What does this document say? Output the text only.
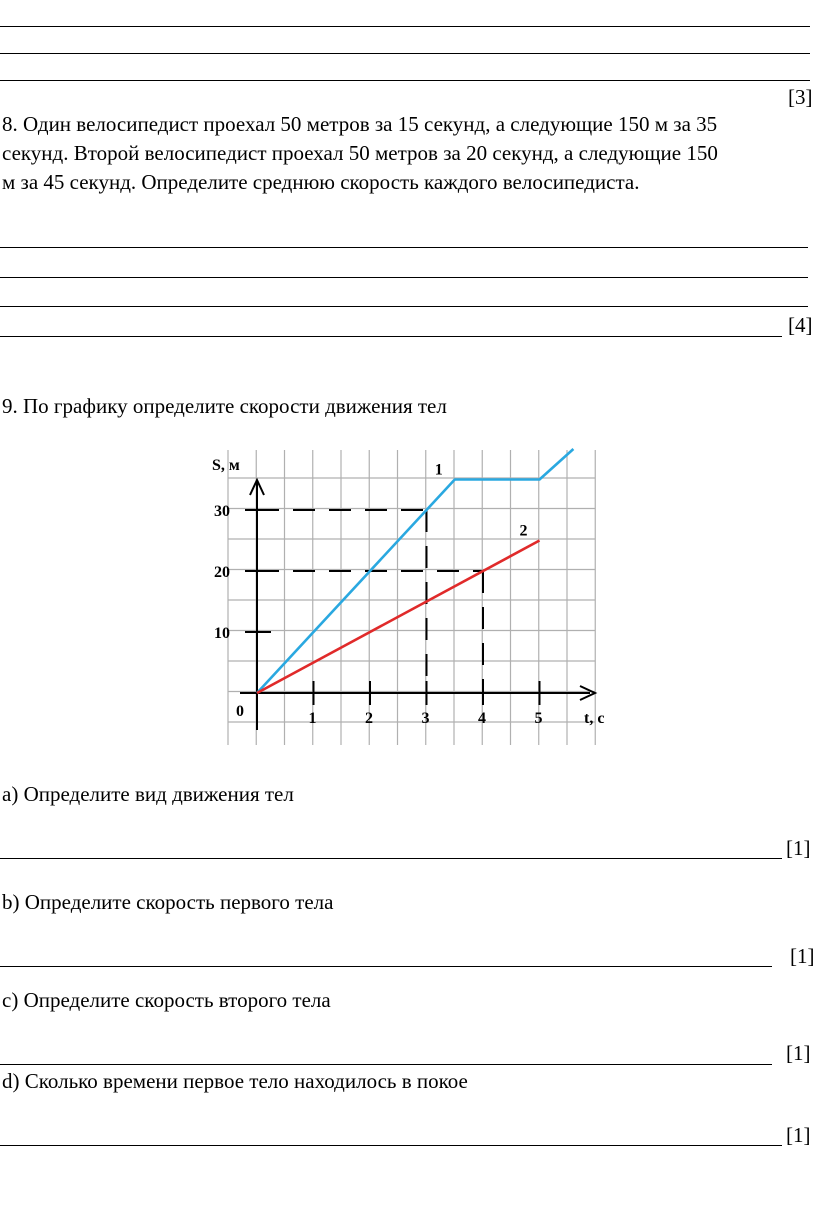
[3]
8. Один велосипедист проехал 50 метров за 15 секунд, а следующие 150 м за 35
секунд. Второй велосипедист проехал 50 метров за 20 секунд, а следующие 150
м за 45 секунд. Определите среднюю скорость каждого велосипедиста.
[4]
9. По графику определите скорости движения тел
1	2	3	4	5
10
20
30
1
2
S, м
t, c
0
a) Определите вид движения тел
[1]
b) Определите скорость первого тела
[1]
c) Определите скорость второго тела
[1]
d) Сколько времени первое тело находилось в покое
[1]
